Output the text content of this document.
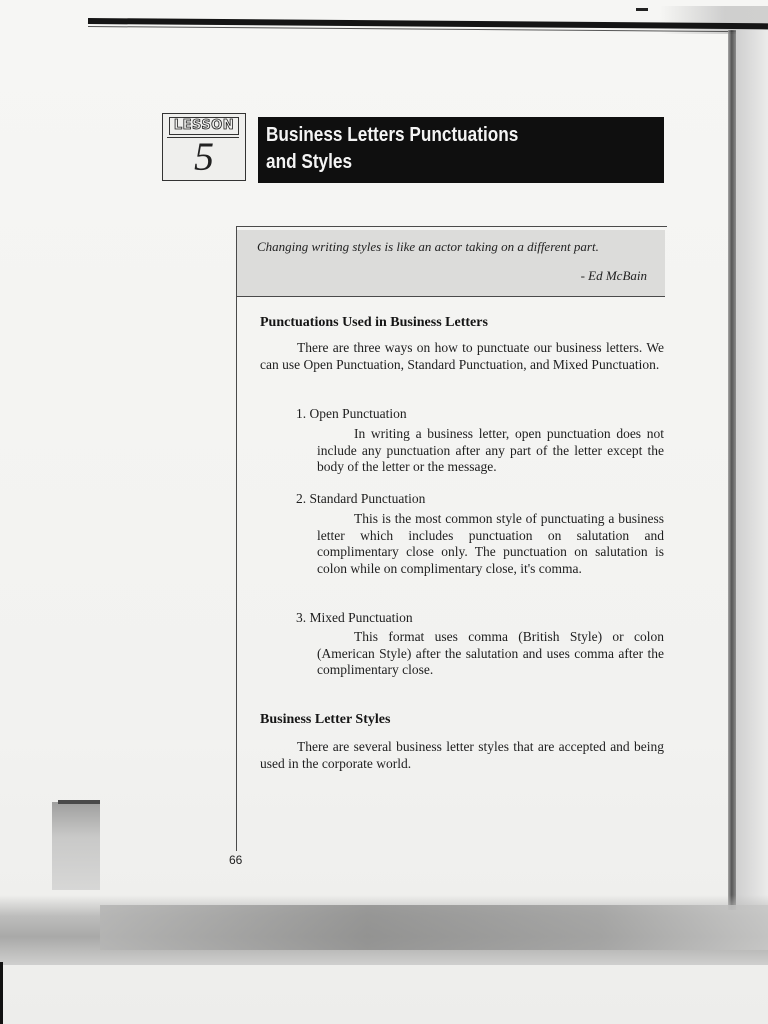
LESSON
5	Business Letters Punctuations
and Styles
Changing writing styles is like an actor taking on a different part.
- Ed McBain
Punctuations Used in Business Letters
There are three ways on how to punctuate our business letters. We can use Open Punctuation, Standard Punctuation, and Mixed Punctuation.
1. Open Punctuation
In writing a business letter, open punctuation does not include any punctuation after any part of the letter except the body of the letter or the message.
2. Standard Punctuation
This is the most common style of punctuating a business letter which includes punctuation on salutation and complimentary close only. The punctuation on salutation is colon while on complimentary close, it's comma.
3. Mixed Punctuation
This format uses comma (British Style) or colon (American Style) after the salutation and uses comma after the complimentary close.
Business Letter Styles
There are several business letter styles that are accepted and being used in the corporate world.
66
